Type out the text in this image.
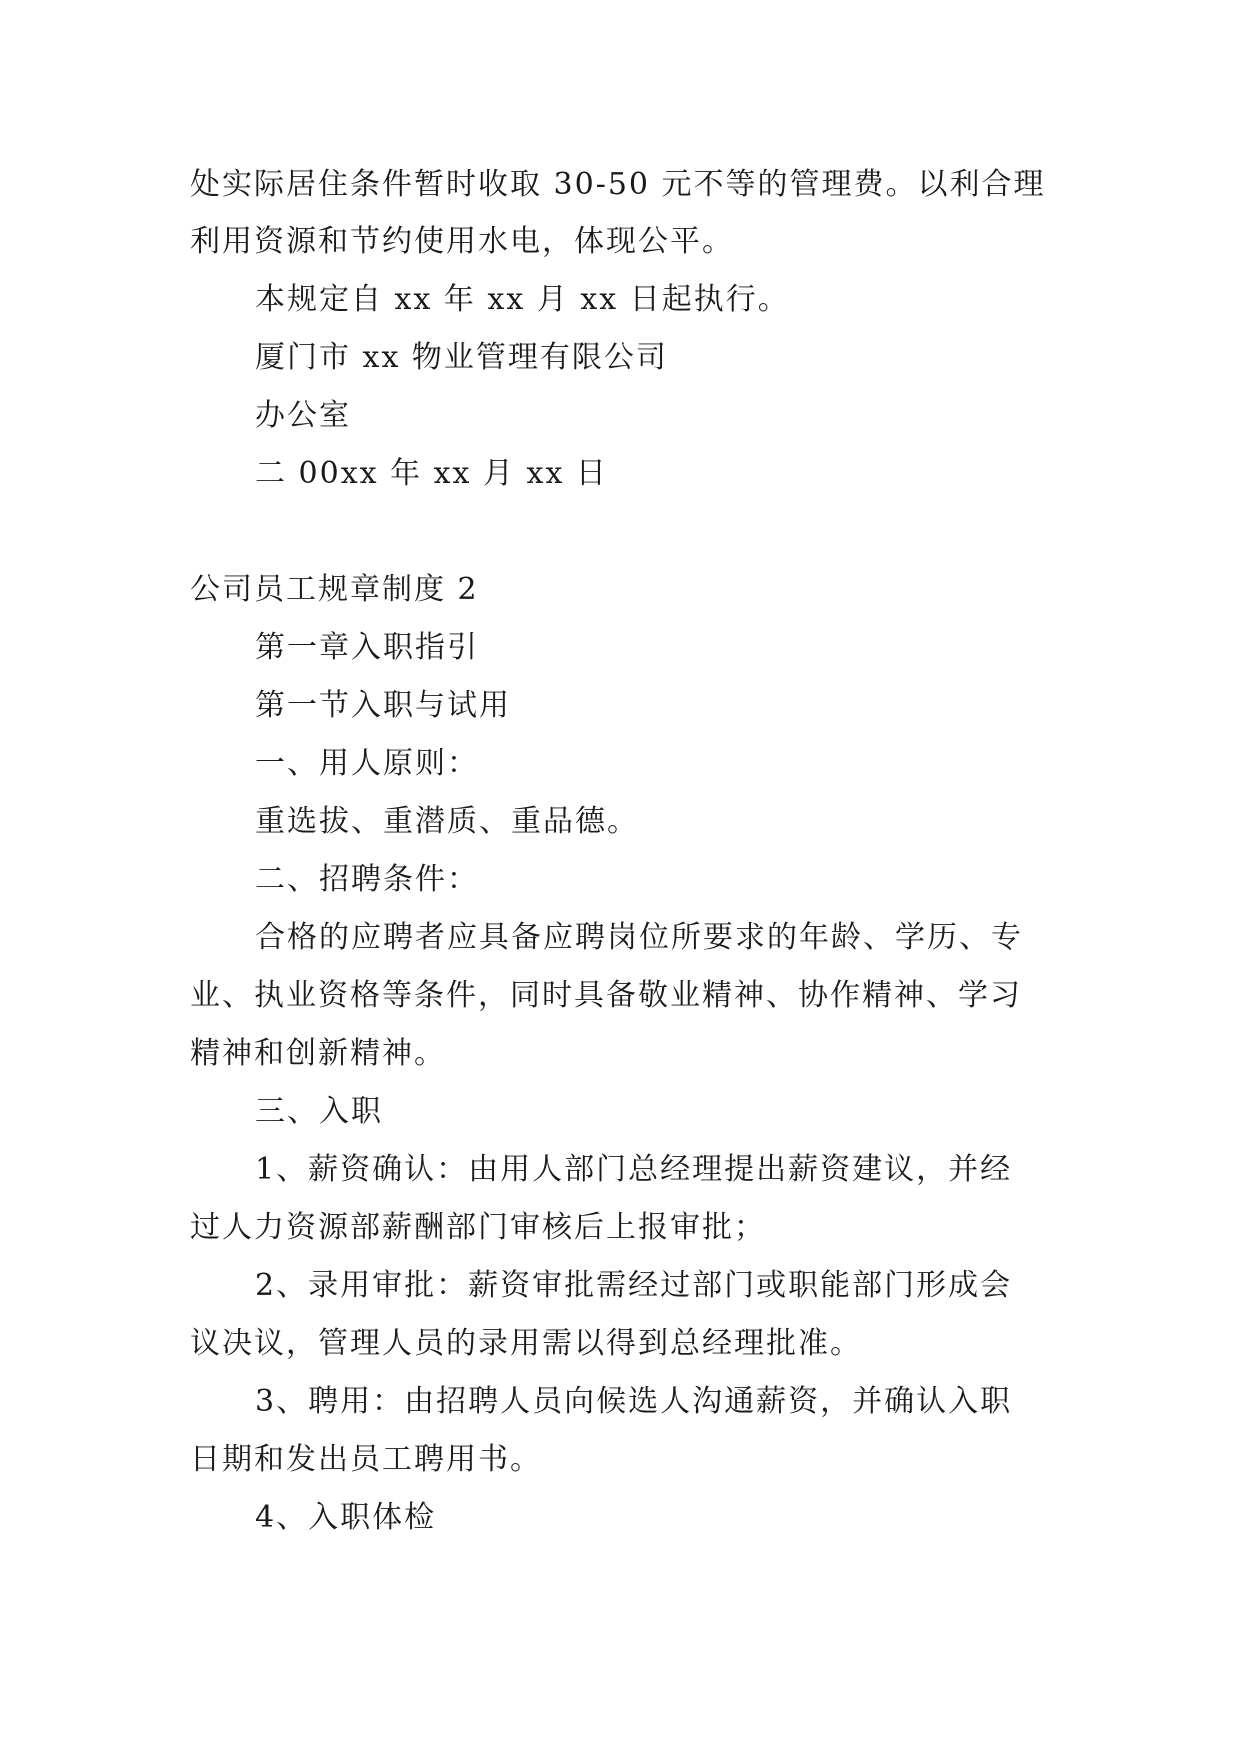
处实际居住条件暂时收取 30-50 元不等的管理费。以利合理
利用资源和节约使用水电，体现公平。
本规定自 xx 年 xx 月 xx 日起执行。
厦门市 xx 物业管理有限公司
办公室
二 00xx 年 xx 月 xx 日
公司员工规章制度 2
第一章入职指引
第一节入职与试用
一、用人原则：
重选拔、重潜质、重品德。
二、招聘条件：
合格的应聘者应具备应聘岗位所要求的年龄、学历、专
业、执业资格等条件，同时具备敬业精神、协作精神、学习
精神和创新精神。
三、入职
1、薪资确认：由用人部门总经理提出薪资建议，并经
过人力资源部薪酬部门审核后上报审批；
2、录用审批：薪资审批需经过部门或职能部门形成会
议决议，管理人员的录用需以得到总经理批准。
3、聘用：由招聘人员向候选人沟通薪资，并确认入职
日期和发出员工聘用书。
4、入职体检
